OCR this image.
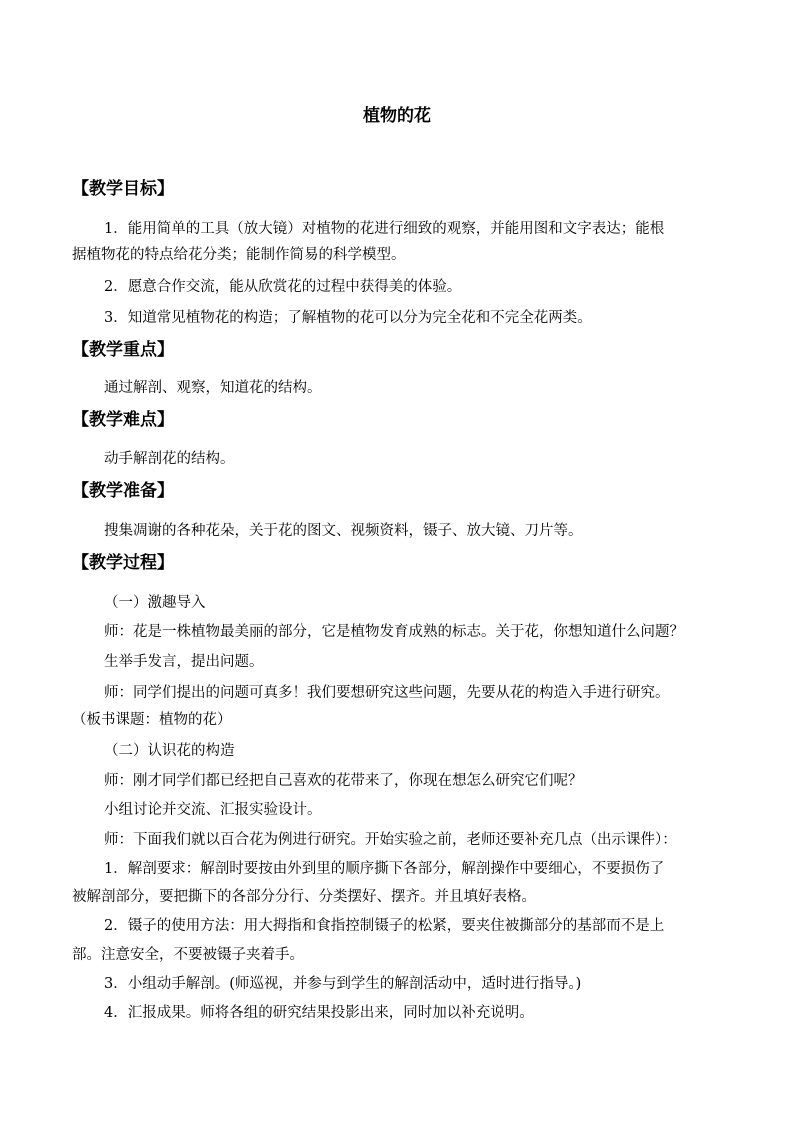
植物的花
【教学目标】
1．能用简单的工具（放大镜）对植物的花进行细致的观察，并能用图和文字表达；能根
据植物花的特点给花分类；能制作简易的科学模型。
2．愿意合作交流，能从欣赏花的过程中获得美的体验。
3．知道常见植物花的构造；了解植物的花可以分为完全花和不完全花两类。
【教学重点】
通过解剖、观察，知道花的结构。
【教学难点】
动手解剖花的结构。
【教学准备】
搜集凋谢的各种花朵，关于花的图文、视频资料，镊子、放大镜、刀片等。
【教学过程】
（一）激趣导入
师：花是一株植物最美丽的部分，它是植物发育成熟的标志。关于花，你想知道什么问题？
生举手发言，提出问题。
师：同学们提出的问题可真多！我们要想研究这些问题，先要从花的构造入手进行研究。
（板书课题：植物的花）
（二）认识花的构造
师：刚才同学们都已经把自己喜欢的花带来了，你现在想怎么研究它们呢？
小组讨论并交流、汇报实验设计。
师：下面我们就以百合花为例进行研究。开始实验之前，老师还要补充几点（出示课件）：
1．解剖要求：解剖时要按由外到里的顺序撕下各部分，解剖操作中要细心，不要损伤了
被解剖部分，要把撕下的各部分分行、分类摆好、摆齐。并且填好表格。
2．镊子的使用方法：用大拇指和食指控制镊子的松紧，要夹住被撕部分的基部而不是上
部。注意安全，不要被镊子夹着手。
3．小组动手解剖。(师巡视，并参与到学生的解剖活动中，适时进行指导。)
4．汇报成果。师将各组的研究结果投影出来，同时加以补充说明。
